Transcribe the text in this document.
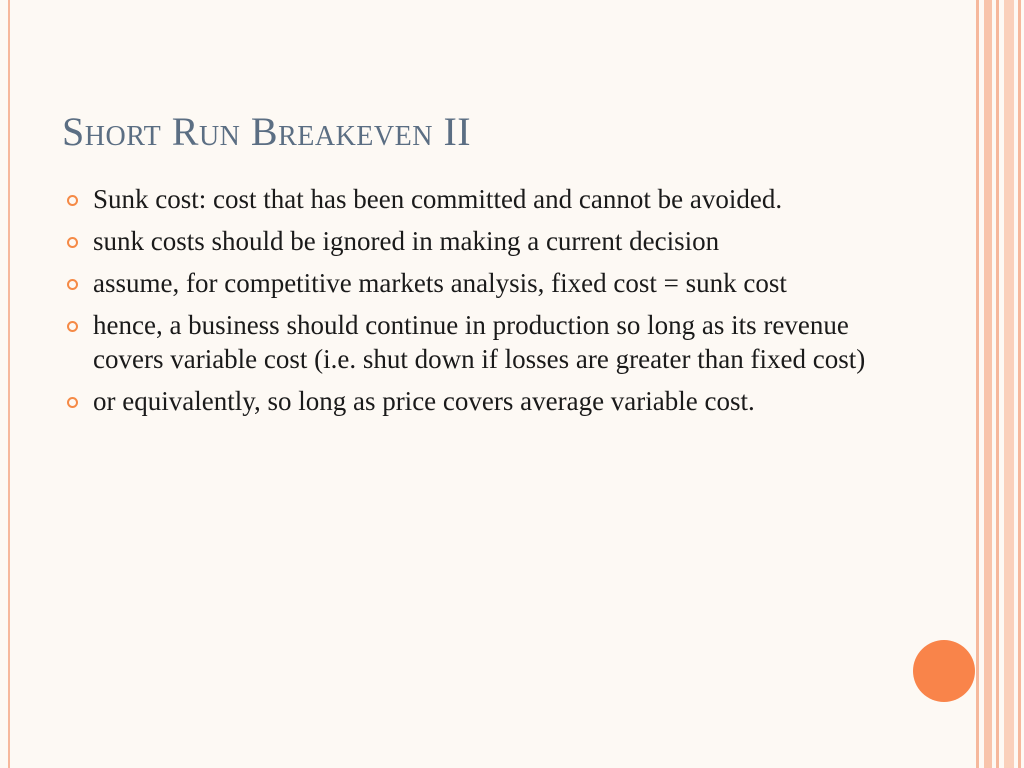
Short Run Breakeven II
Sunk cost: cost that has been committed and cannot be avoided.
sunk costs should be ignored in making a current decision
assume, for competitive markets analysis, fixed cost = sunk cost
hence, a business should continue in production so long as its revenue covers variable cost (i.e. shut down if losses are greater than fixed cost)
or equivalently, so long as price covers average variable cost.
